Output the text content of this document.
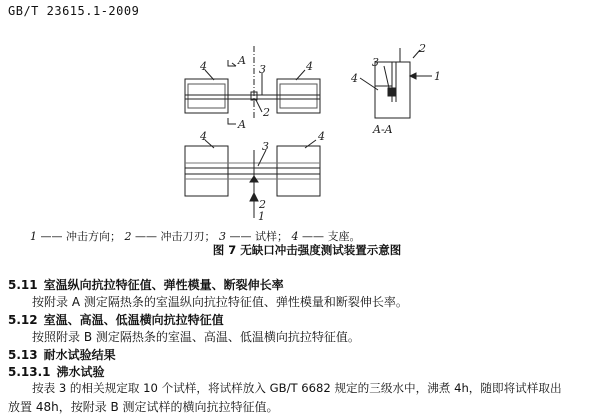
GB/T 23615.1-2009
4	A
3	4
2
A
3
2
4	1
A-A
4
3
4
2
1
1 —— 冲击方向； 2 —— 冲击刀刃； 3 —— 试样； 4 —— 支座。
图 7 无缺口冲击强度测试装置示意图
5.11 室温纵向抗拉特征值、弹性模量、断裂伸长率
按附录 A 测定隔热条的室温纵向抗拉特征值、弹性模量和断裂伸长率。
5.12 室温、高温、低温横向抗拉特征值
按照附录 B 测定隔热条的室温、高温、低温横向抗拉特征值。
5.13 耐水试验结果
5.13.1 沸水试验
按表 3 的相关规定取 10 个试样，将试样放入 GB/T 6682 规定的三级水中，沸煮 4h，随即将试样取出
放置 48h，按附录 B 测定试样的横向抗拉特征值。
